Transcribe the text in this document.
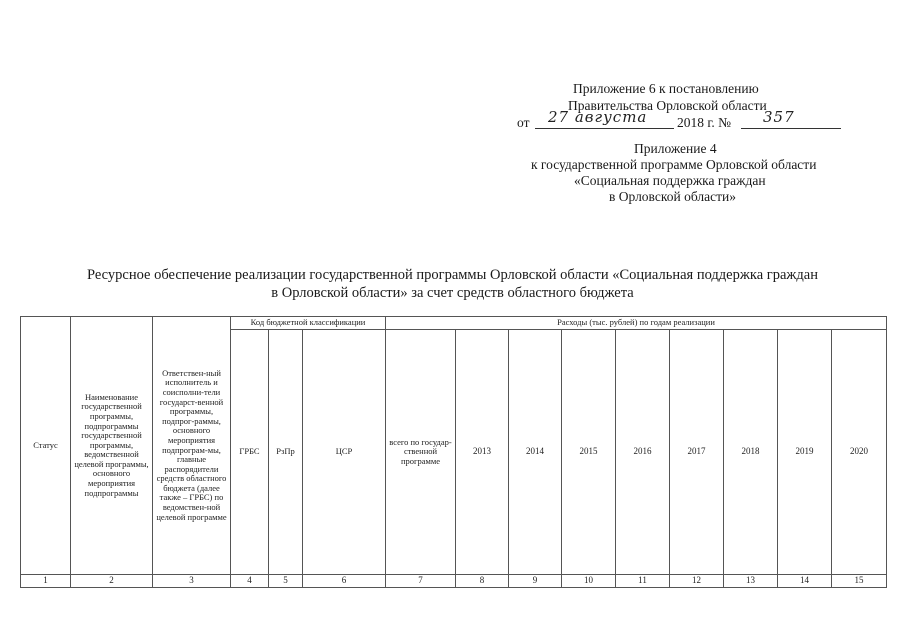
Приложение 6 к постановлению
Правительства Орловской области
от 27 августа 2018 г. № 357
Приложение 4
к государственной программе Орловской области
«Социальная поддержка граждан
в Орловской области»
Ресурсное обеспечение реализации государственной программы Орловской области «Социальная поддержка граждан
в Орловской области» за счет средств областного бюджета
Статус	Наименование государственной программы, подпрограммы государственной программы, ведомственной целевой программы, основного мероприятия подпрограммы	Ответствен-ный исполнитель и соисполни-тели государст-венной программы, подпрог-раммы, основного мероприятия подпрограм-мы, главные распорядители средств областного бюджета (далее также – ГРБС) по ведомствен-ной целевой программе	Код бюджетной классификации			Расходы (тыс. рублей) по годам реализации								
			ГРБС	РзПр	ЦСР	всего по государ-ственной программе	2013	2014	2015	2016	2017	2018	2019	2020
1	2	3	4	5	6	7	8	9	10	11	12	13	14	15
